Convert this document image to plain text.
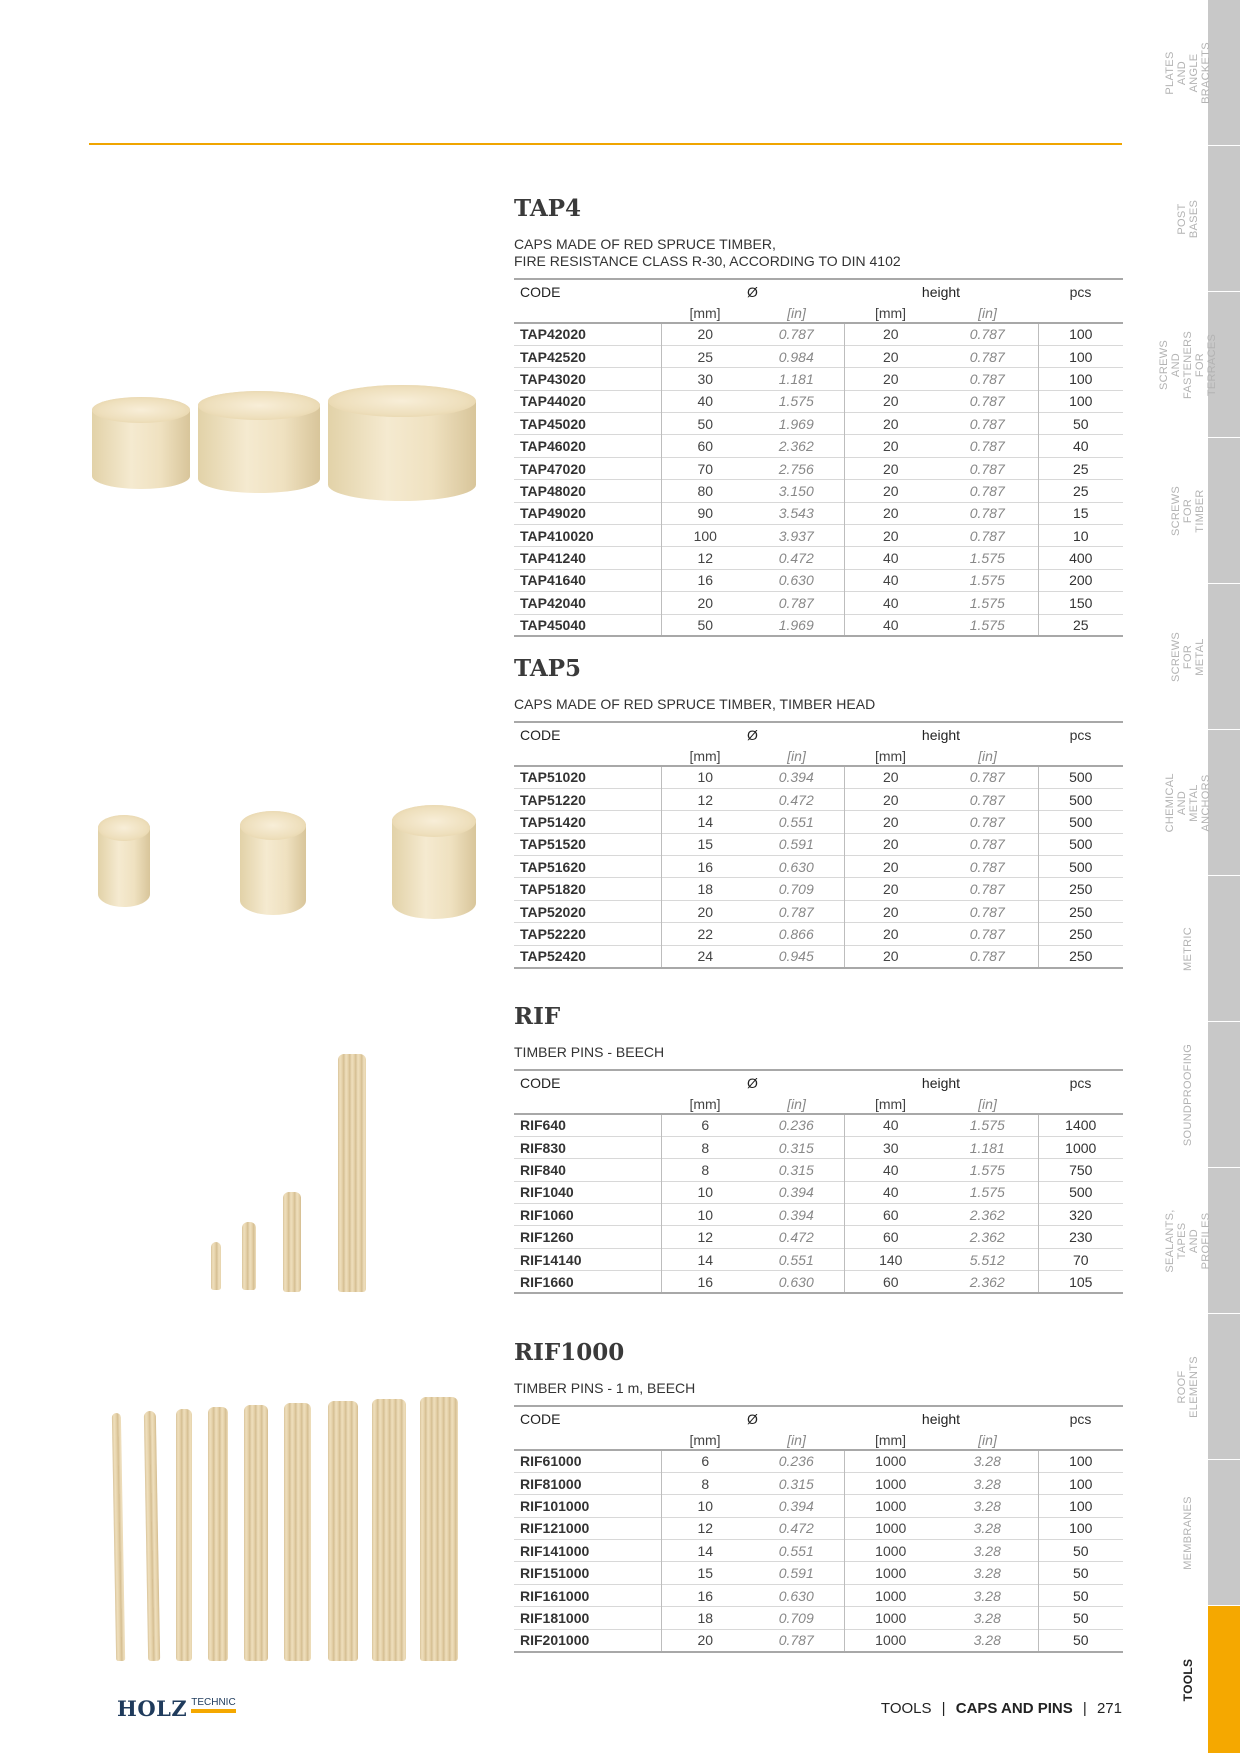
PLATES AND ANGLE
BRACKETS
POST BASES
SCREWS AND FASTENERS
FOR TERRACES
SCREWS FOR
TIMBER
SCREWS FOR
METAL
CHEMICAL AND
METAL ANCHORS
METRIC
SOUNDPROOFING
SEALANTS, TAPES AND
PROFILES
ROOF ELEMENTS
MEMBRANES
TOOLS
TAP4
CAPS MADE OF RED SPRUCE TIMBER,
FIRE RESISTANCE CLASS R-30, ACCORDING TO DIN 4102
CODE	Ø		height		pcs
	[mm]	[in]	[mm]	[in]	
TAP42020	20	0.787	20	0.787	100
TAP42520	25	0.984	20	0.787	100
TAP43020	30	1.181	20	0.787	100
TAP44020	40	1.575	20	0.787	100
TAP45020	50	1.969	20	0.787	50
TAP46020	60	2.362	20	0.787	40
TAP47020	70	2.756	20	0.787	25
TAP48020	80	3.150	20	0.787	25
TAP49020	90	3.543	20	0.787	15
TAP410020	100	3.937	20	0.787	10
TAP41240	12	0.472	40	1.575	400
TAP41640	16	0.630	40	1.575	200
TAP42040	20	0.787	40	1.575	150
TAP45040	50	1.969	40	1.575	25
TAP5
CAPS MADE OF RED SPRUCE TIMBER, TIMBER HEAD
CODE	Ø		height		pcs
	[mm]	[in]	[mm]	[in]	
TAP51020	10	0.394	20	0.787	500
TAP51220	12	0.472	20	0.787	500
TAP51420	14	0.551	20	0.787	500
TAP51520	15	0.591	20	0.787	500
TAP51620	16	0.630	20	0.787	500
TAP51820	18	0.709	20	0.787	250
TAP52020	20	0.787	20	0.787	250
TAP52220	22	0.866	20	0.787	250
TAP52420	24	0.945	20	0.787	250
RIF
TIMBER PINS - BEECH
CODE	Ø		height		pcs
	[mm]	[in]	[mm]	[in]	
RIF640	6	0.236	40	1.575	1400
RIF830	8	0.315	30	1.181	1000
RIF840	8	0.315	40	1.575	750
RIF1040	10	0.394	40	1.575	500
RIF1060	10	0.394	60	2.362	320
RIF1260	12	0.472	60	2.362	230
RIF14140	14	0.551	140	5.512	70
RIF1660	16	0.630	60	2.362	105
RIF1000
TIMBER PINS - 1 m, BEECH
CODE	Ø		height		pcs
	[mm]	[in]	[mm]	[in]	
RIF61000	6	0.236	1000	3.28	100
RIF81000	8	0.315	1000	3.28	100
RIF101000	10	0.394	1000	3.28	100
RIF121000	12	0.472	1000	3.28	100
RIF141000	14	0.551	1000	3.28	50
RIF151000	15	0.591	1000	3.28	50
RIF161000	16	0.630	1000	3.28	50
RIF181000	18	0.709	1000	3.28	50
RIF201000	20	0.787	1000	3.28	50
HOLZ TECHNIC	TOOLS | CAPS AND PINS | 271
